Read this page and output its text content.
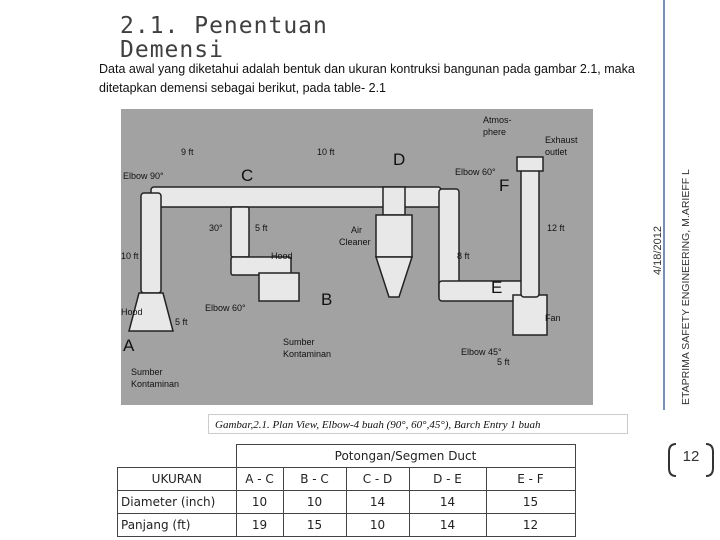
2.1. Penentuan Demensi
Data awal yang diketahui adalah bentuk dan ukuran kontruksi bangunan pada gambar 2.1, maka ditetapkan demensi sebagai berikut, pada table- 2.1
ETAPRIMA SAFETY ENGINEERING, M.ARIEFF L
4/18/2012
9 ft	10 ft
10 ft
Elbow 90°
Elbow 60°
Elbow 60°
Elbow 45°
30°	5 ft
5 ft
5 ft
8 ft
12 ft
Hood
Hood
Air
Cleaner
Atmos-
phere
Exhaust
outlet
Fan
Sumber
Kontaminan
Sumber
Kontaminan
A
B
C
D
E
F
Gambar,2.1. Plan View, Elbow-4 buah (90°, 60°,45°), Barch Entry 1 buah
12
	Potongan/Segmen Duct				
UKURAN	A - C	B - C	C - D	D - E	E - F
Diameter (inch)	10	10	14	14	15
Panjang (ft)	19	15	10	14	12
